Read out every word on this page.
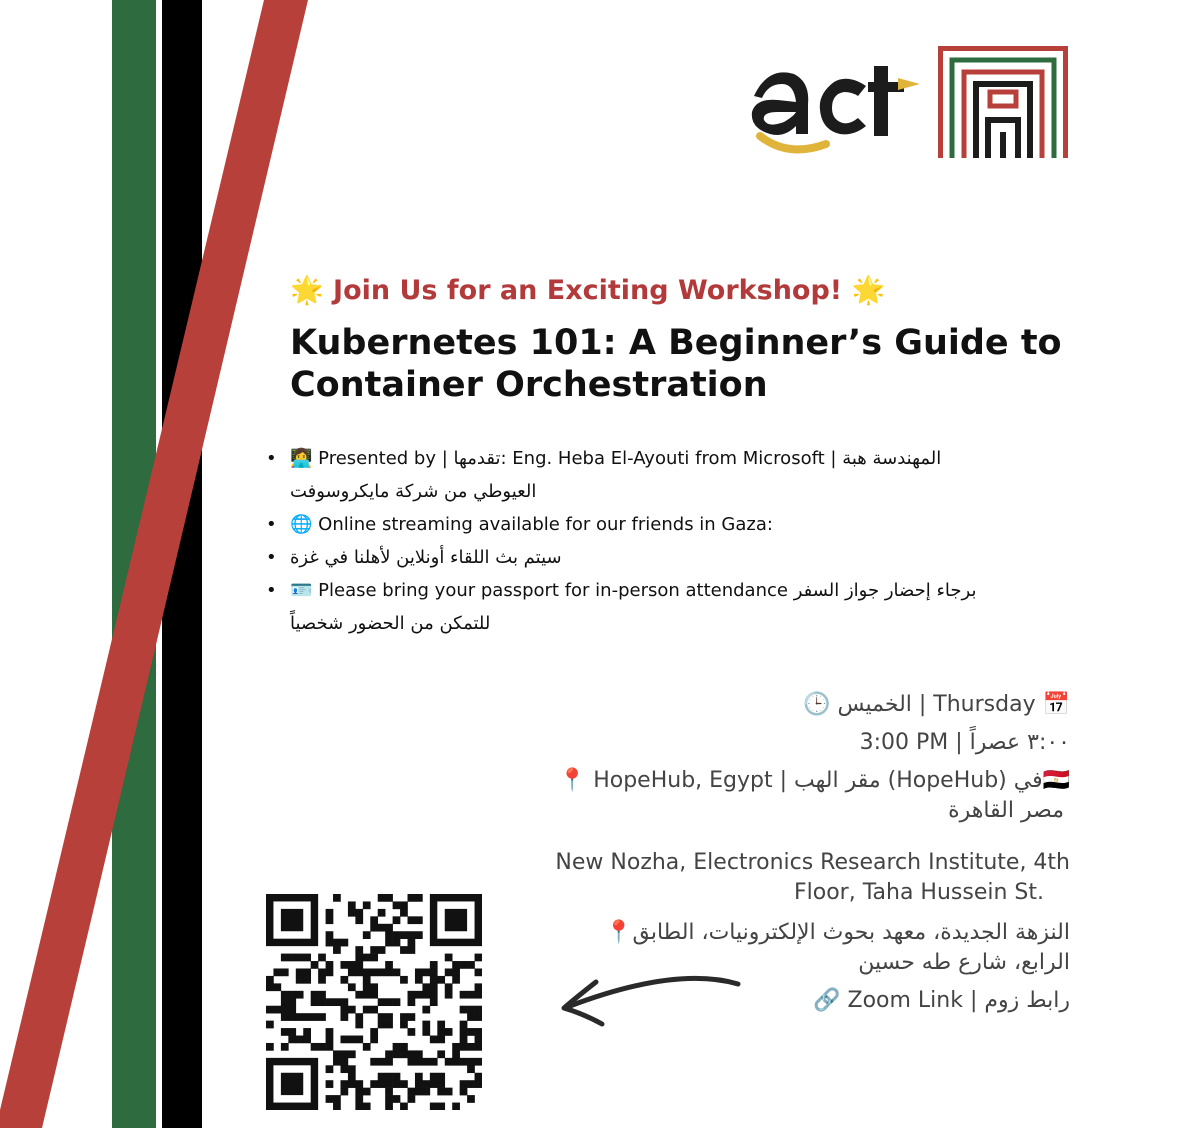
🌟 Join Us for an Exciting Workshop! 🌟
Kubernetes 101: A Beginner’s Guide to Container Orchestration
• 👩‍💻 Presented by | تقدمها: Eng. Heba El-Ayouti from Microsoft | المهندسة هبة
العيوطي من شركة مايكروسوفت
• 🌐 Online streaming available for our friends in Gaza:
• سيتم بث اللقاء أونلاين لأهلنا في غزة
• 🪪 Please bring your passport for in-person attendance برجاء إحضار جواز السفر
للتمكن من الحضور شخصياً
🕒 الخميس | Thursday 📅
3:00 PM | ٣:٠٠ عصراً
📍 HopeHub, Egypt | مقر الهب (HopeHub) في🇪🇬
مصر القاهرة
New Nozha, Electronics Research Institute, 4th
Floor, Taha Hussein St.
📍النزهة الجديدة، معهد بحوث الإلكترونيات، الطابق
الرابع، شارع طه حسين
🔗 Zoom Link | رابط زوم
